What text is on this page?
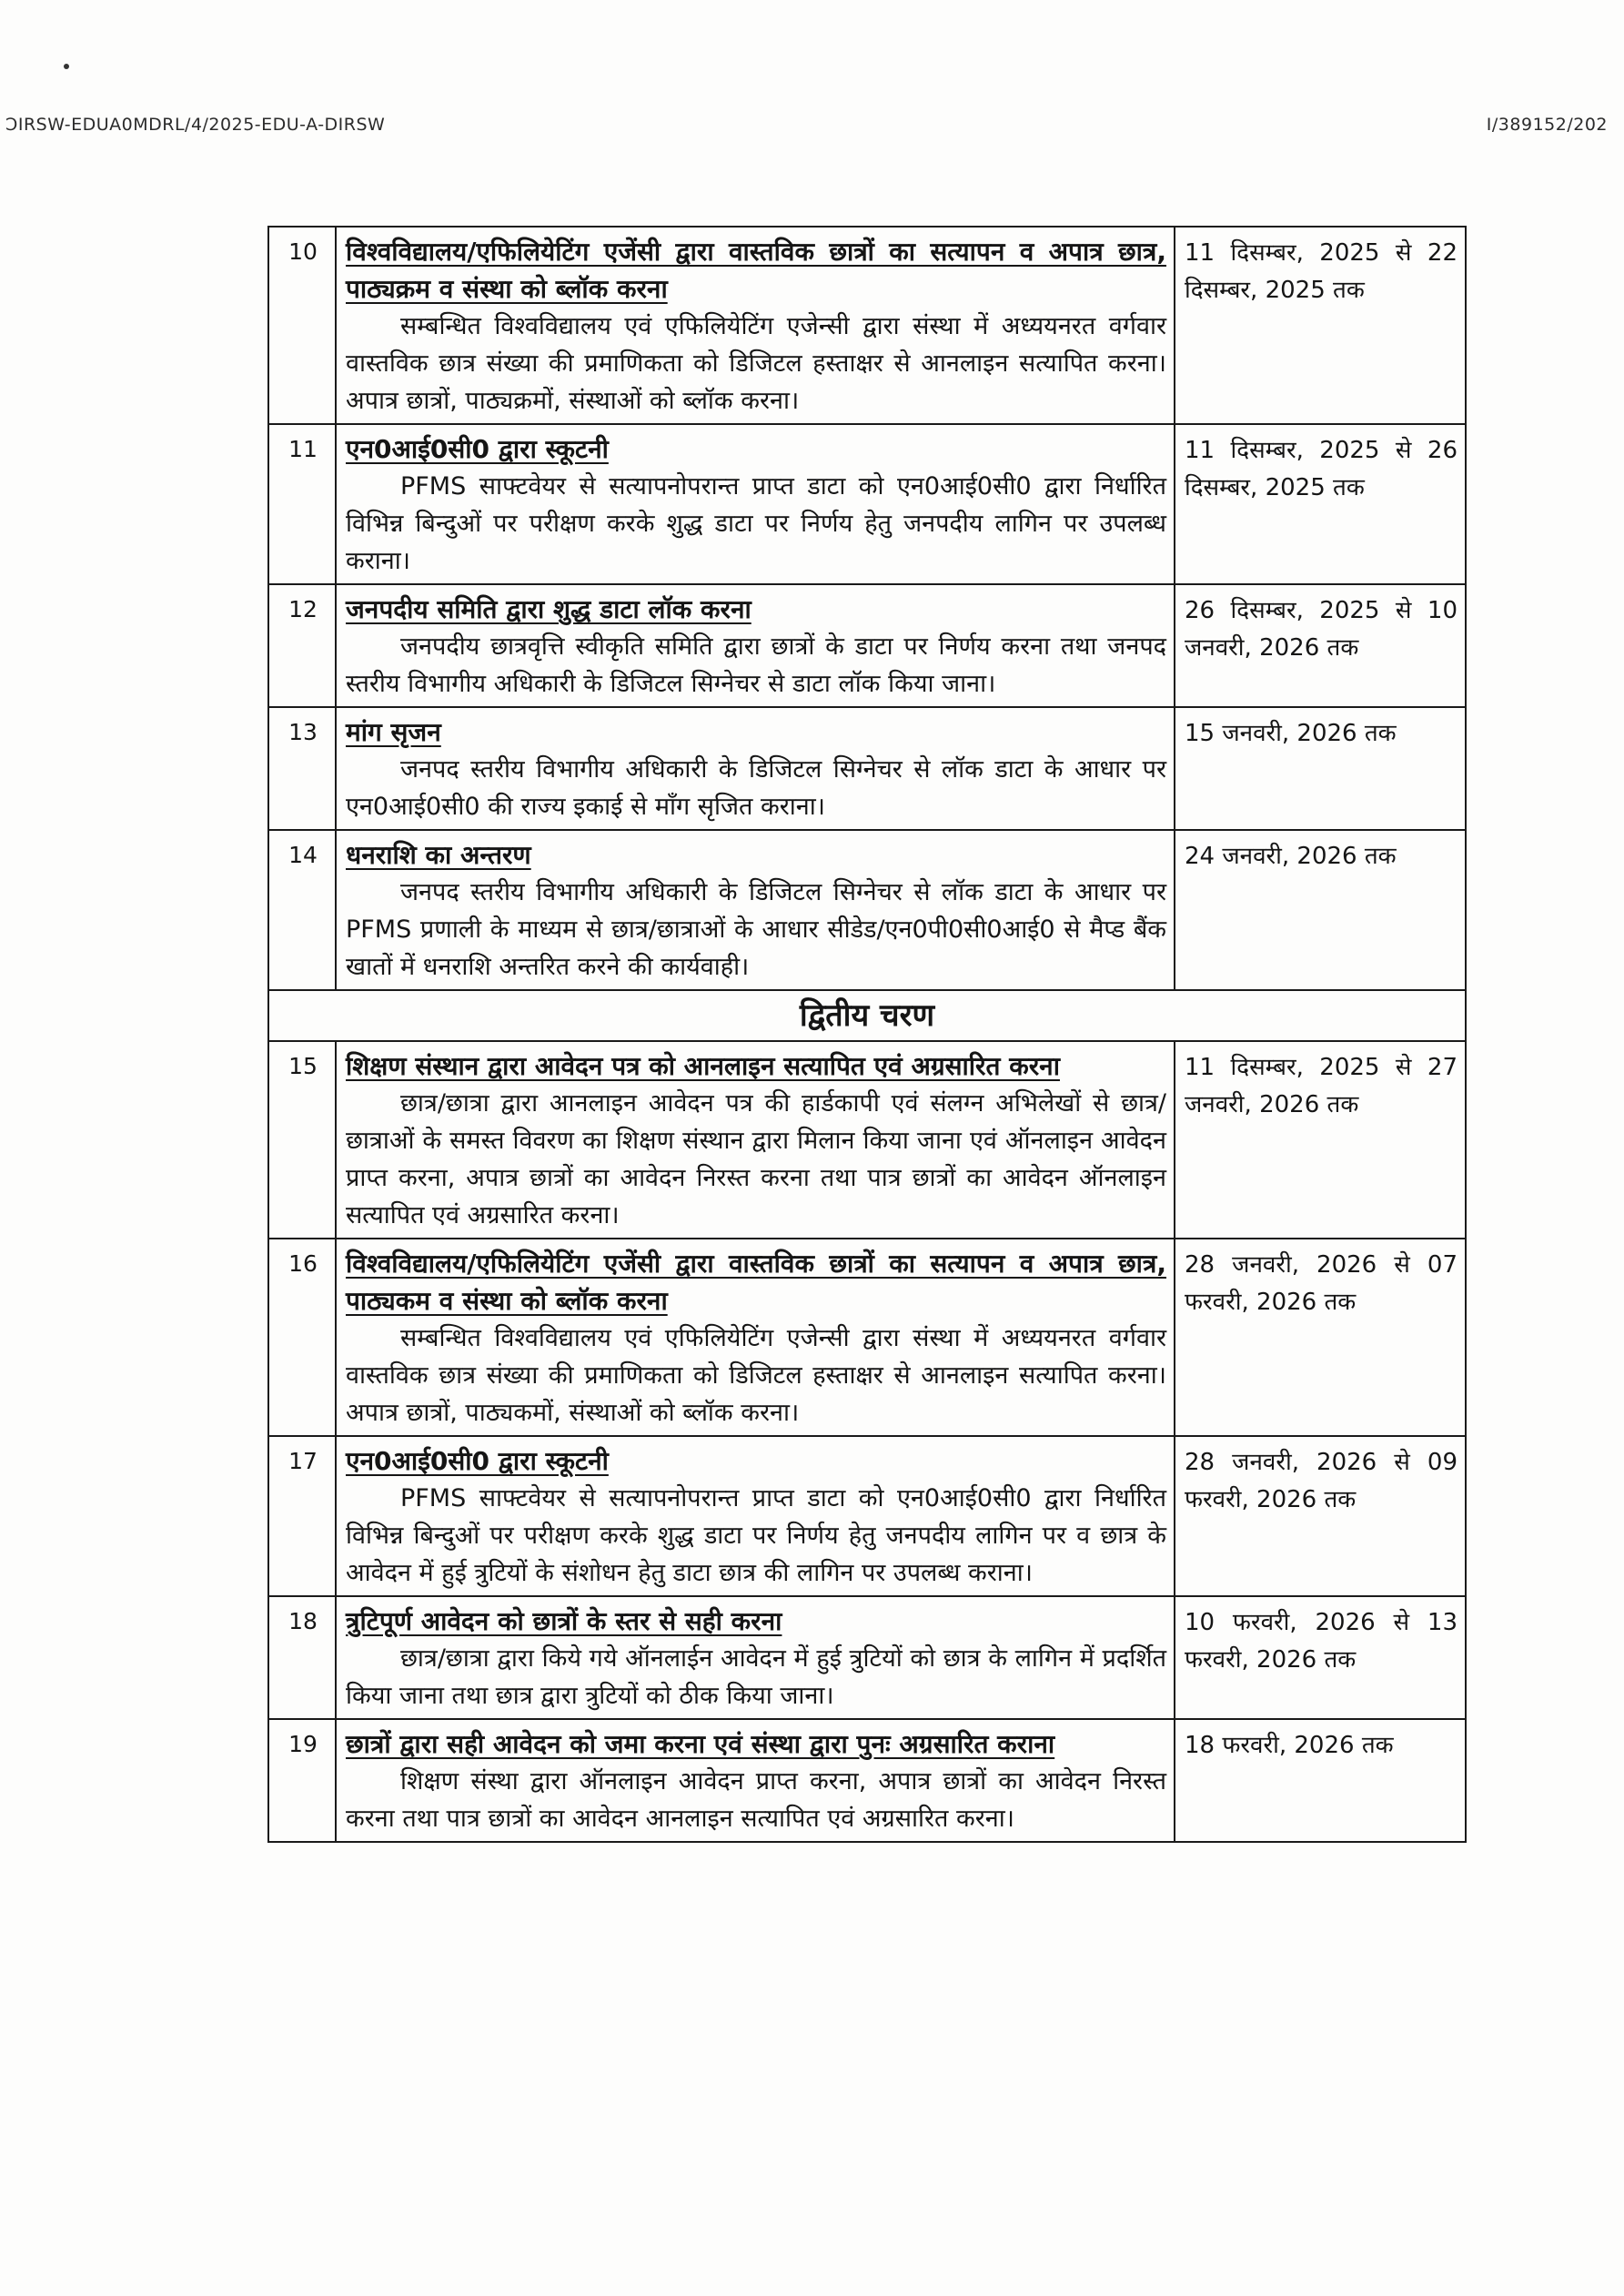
ƆIRSW-EDUA0MDRL/4/2025-EDU-A-DIRSW	I/389152/202
10	विश्वविद्यालय/एफिलियेटिंग एजेंसी द्वारा वास्तविक छात्रों का सत्यापन व अपात्र छात्र, पाठ्यक्रम व संस्था को ब्लॉक करना
सम्बन्धित विश्वविद्यालय एवं एफिलियेटिंग एजेन्सी द्वारा संस्था में अध्ययनरत वर्गवार वास्तविक छात्र संख्या की प्रमाणिकता को डिजिटल हस्ताक्षर से आनलाइन सत्यापित करना। अपात्र छात्रों, पाठ्यक्रमों, संस्थाओं को ब्लॉक करना।	11 दिसम्बर, 2025 से 22 दिसम्बर, 2025 तक
11	एन0आई0सी0 द्वारा स्कूटनी
PFMS साफ्टवेयर से सत्यापनोपरान्त प्राप्त डाटा को एन0आई0सी0 द्वारा निर्धारित विभिन्न बिन्दुओं पर परीक्षण करके शुद्ध डाटा पर निर्णय हेतु जनपदीय लागिन पर उपलब्ध कराना।	11 दिसम्बर, 2025 से 26 दिसम्बर, 2025 तक
12	जनपदीय समिति द्वारा शुद्ध डाटा लॉक करना
जनपदीय छात्रवृत्ति स्वीकृति समिति द्वारा छात्रों के डाटा पर निर्णय करना तथा जनपद स्तरीय विभागीय अधिकारी के डिजिटल सिग्नेचर से डाटा लॉक किया जाना।	26 दिसम्बर, 2025 से 10 जनवरी, 2026 तक
13	मांग सृजन
जनपद स्तरीय विभागीय अधिकारी के डिजिटल सिग्नेचर से लॉक डाटा के आधार पर एन0आई0सी0 की राज्य इकाई से मॉंग सृजित कराना।	15 जनवरी, 2026 तक
14	धनराशि का अन्तरण
जनपद स्तरीय विभागीय अधिकारी के डिजिटल सिग्नेचर से लॉक डाटा के आधार पर PFMS प्रणाली के माध्यम से छात्र/छात्राओं के आधार सीडेड/एन0पी0सी0आई0 से मैप्ड बैंक खातों में धनराशि अन्तरित करने की कार्यवाही।	24 जनवरी, 2026 तक
द्वितीय चरण		
15	शिक्षण संस्थान द्वारा आवेदन पत्र को आनलाइन सत्यापित एवं अग्रसारित करना
छात्र/छात्रा द्वारा आनलाइन आवेदन पत्र की हार्डकापी एवं संलग्न अभिलेखों से छात्र/छात्राओं के समस्त विवरण का शिक्षण संस्थान द्वारा मिलान किया जाना एवं ऑनलाइन आवेदन प्राप्त करना, अपात्र छात्रों का आवेदन निरस्त करना तथा पात्र छात्रों का आवेदन ऑनलाइन सत्यापित एवं अग्रसारित करना।	11 दिसम्बर, 2025 से 27 जनवरी, 2026 तक
16	विश्वविद्यालय/एफिलियेटिंग एजेंसी द्वारा वास्तविक छात्रों का सत्यापन व अपात्र छात्र, पाठ्यकम व संस्था को ब्लॉक करना
सम्बन्धित विश्वविद्यालय एवं एफिलियेटिंग एजेन्सी द्वारा संस्था में अध्ययनरत वर्गवार वास्तविक छात्र संख्या की प्रमाणिकता को डिजिटल हस्ताक्षर से आनलाइन सत्यापित करना। अपात्र छात्रों, पाठ्यकमों, संस्थाओं को ब्लॉक करना।	28 जनवरी, 2026 से 07 फरवरी, 2026 तक
17	एन0आई0सी0 द्वारा स्कूटनी
PFMS साफ्टवेयर से सत्यापनोपरान्त प्राप्त डाटा को एन0आई0सी0 द्वारा निर्धारित विभिन्न बिन्दुओं पर परीक्षण करके शुद्ध डाटा पर निर्णय हेतु जनपदीय लागिन पर व छात्र के आवेदन में हुई त्रुटियों के संशोधन हेतु डाटा छात्र की लागिन पर उपलब्ध कराना।	28 जनवरी, 2026 से 09 फरवरी, 2026 तक
18	त्रुटिपूर्ण आवेदन को छात्रों के स्तर से सही करना
छात्र/छात्रा द्वारा किये गये ऑनलाईन आवेदन में हुई त्रुटियों को छात्र के लागिन में प्रदर्शित किया जाना तथा छात्र द्वारा त्रुटियों को ठीक किया जाना।	10 फरवरी, 2026 से 13 फरवरी, 2026 तक
19	छात्रों द्वारा सही आवेदन को जमा करना एवं संस्था द्वारा पुनः अग्रसारित कराना
शिक्षण संस्था द्वारा ऑनलाइन आवेदन प्राप्त करना, अपात्र छात्रों का आवेदन निरस्त करना तथा पात्र छात्रों का आवेदन आनलाइन सत्यापित एवं अग्रसारित करना।	18 फरवरी, 2026 तक
